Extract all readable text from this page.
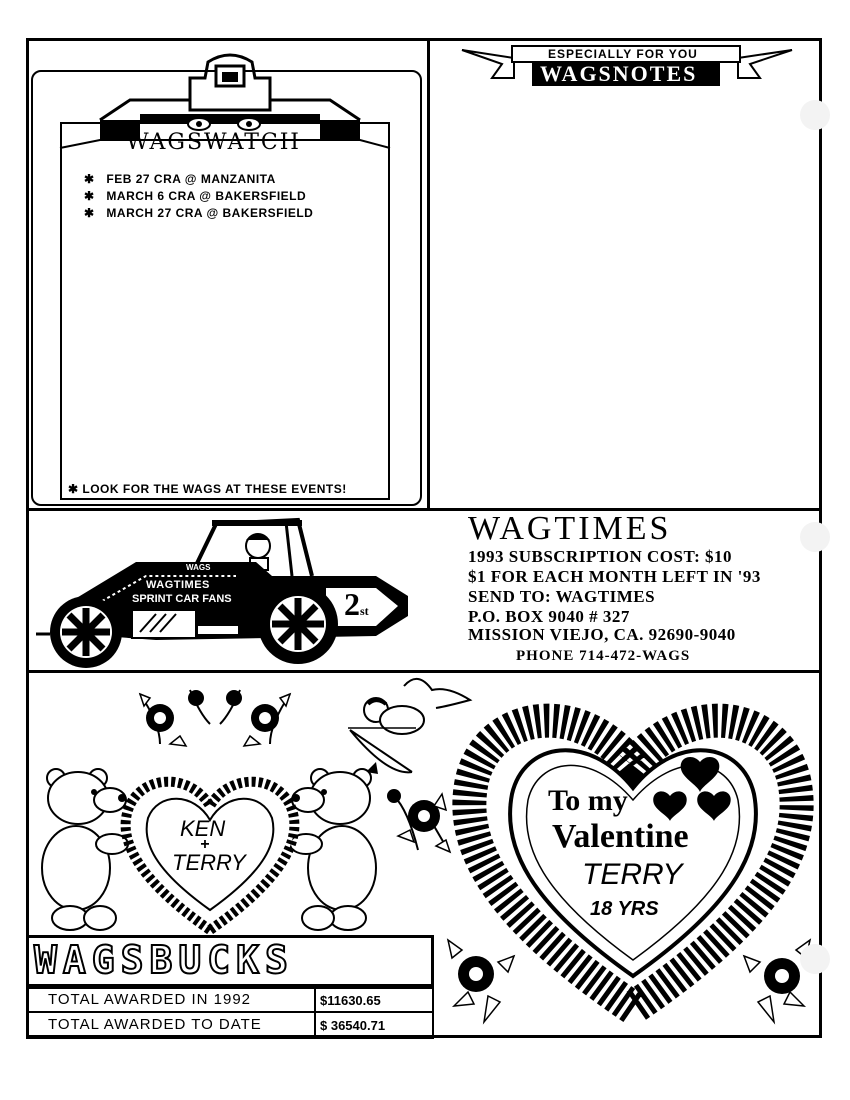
WAGSWATCH
✱ FEB 27 CRA @ MANZANITA
✱ MARCH 6 CRA @ BAKERSFIELD
✱ MARCH 27 CRA @ BAKERSFIELD
✱ LOOK FOR THE WAGS AT THESE EVENTS!
ESPECIALLY FOR YOU
WAGSNOTES
WAGS
WAGTIMES
SPRINT CAR FANS	2st
WAGTIMES
1993 SUBSCRIPTION COST: $10
$1 FOR EACH MONTH LEFT IN '93
SEND TO: WAGTIMES
P.O. BOX 9040 # 327
MISSION VIEJO, CA. 92690-9040
PHONE 714-472-WAGS
KEN
+
TERRY
To my
Valentine
TERRY
18 YRS
WAGSBUCKS
TOTAL AWARDED IN 1992	$11630.65
TOTAL AWARDED TO DATE	$ 36540.71
